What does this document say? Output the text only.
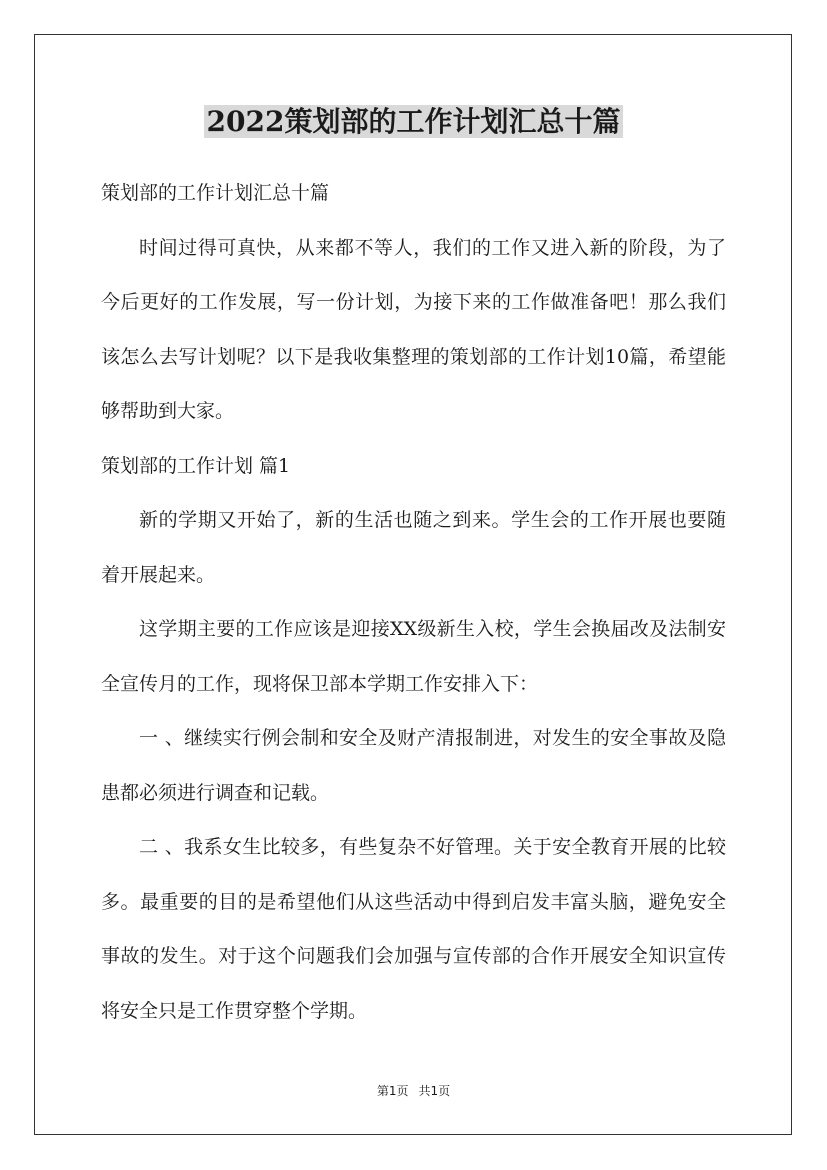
2022策划部的工作计划汇总十篇

策划部的工作计划汇总十篇

时间过得可真快，从来都不等人，我们的工作又进入新的阶段，为了今后更好的工作发展，写一份计划，为接下来的工作做准备吧！那么我们该怎么去写计划呢？以下是我收集整理的策划部的工作计划10篇，希望能够帮助到大家。

策划部的工作计划 篇1

新的学期又开始了，新的生活也随之到来。学生会的工作开展也要随着开展起来。

这学期主要的工作应该是迎接XX级新生入校，学生会换届改及法制安全宣传月的工作，现将保卫部本学期工作安排入下：

一 、继续实行例会制和安全及财产清报制进，对发生的安全事故及隐患都必须进行调查和记载。

二 、我系女生比较多，有些复杂不好管理。关于安全教育开展的比较多。最重要的目的是希望他们从这些活动中得到启发丰富头脑，避免安全事故的发生。对于这个问题我们会加强与宣传部的合作开展安全知识宣传将安全只是工作贯穿整个学期。

第1页 共1页
